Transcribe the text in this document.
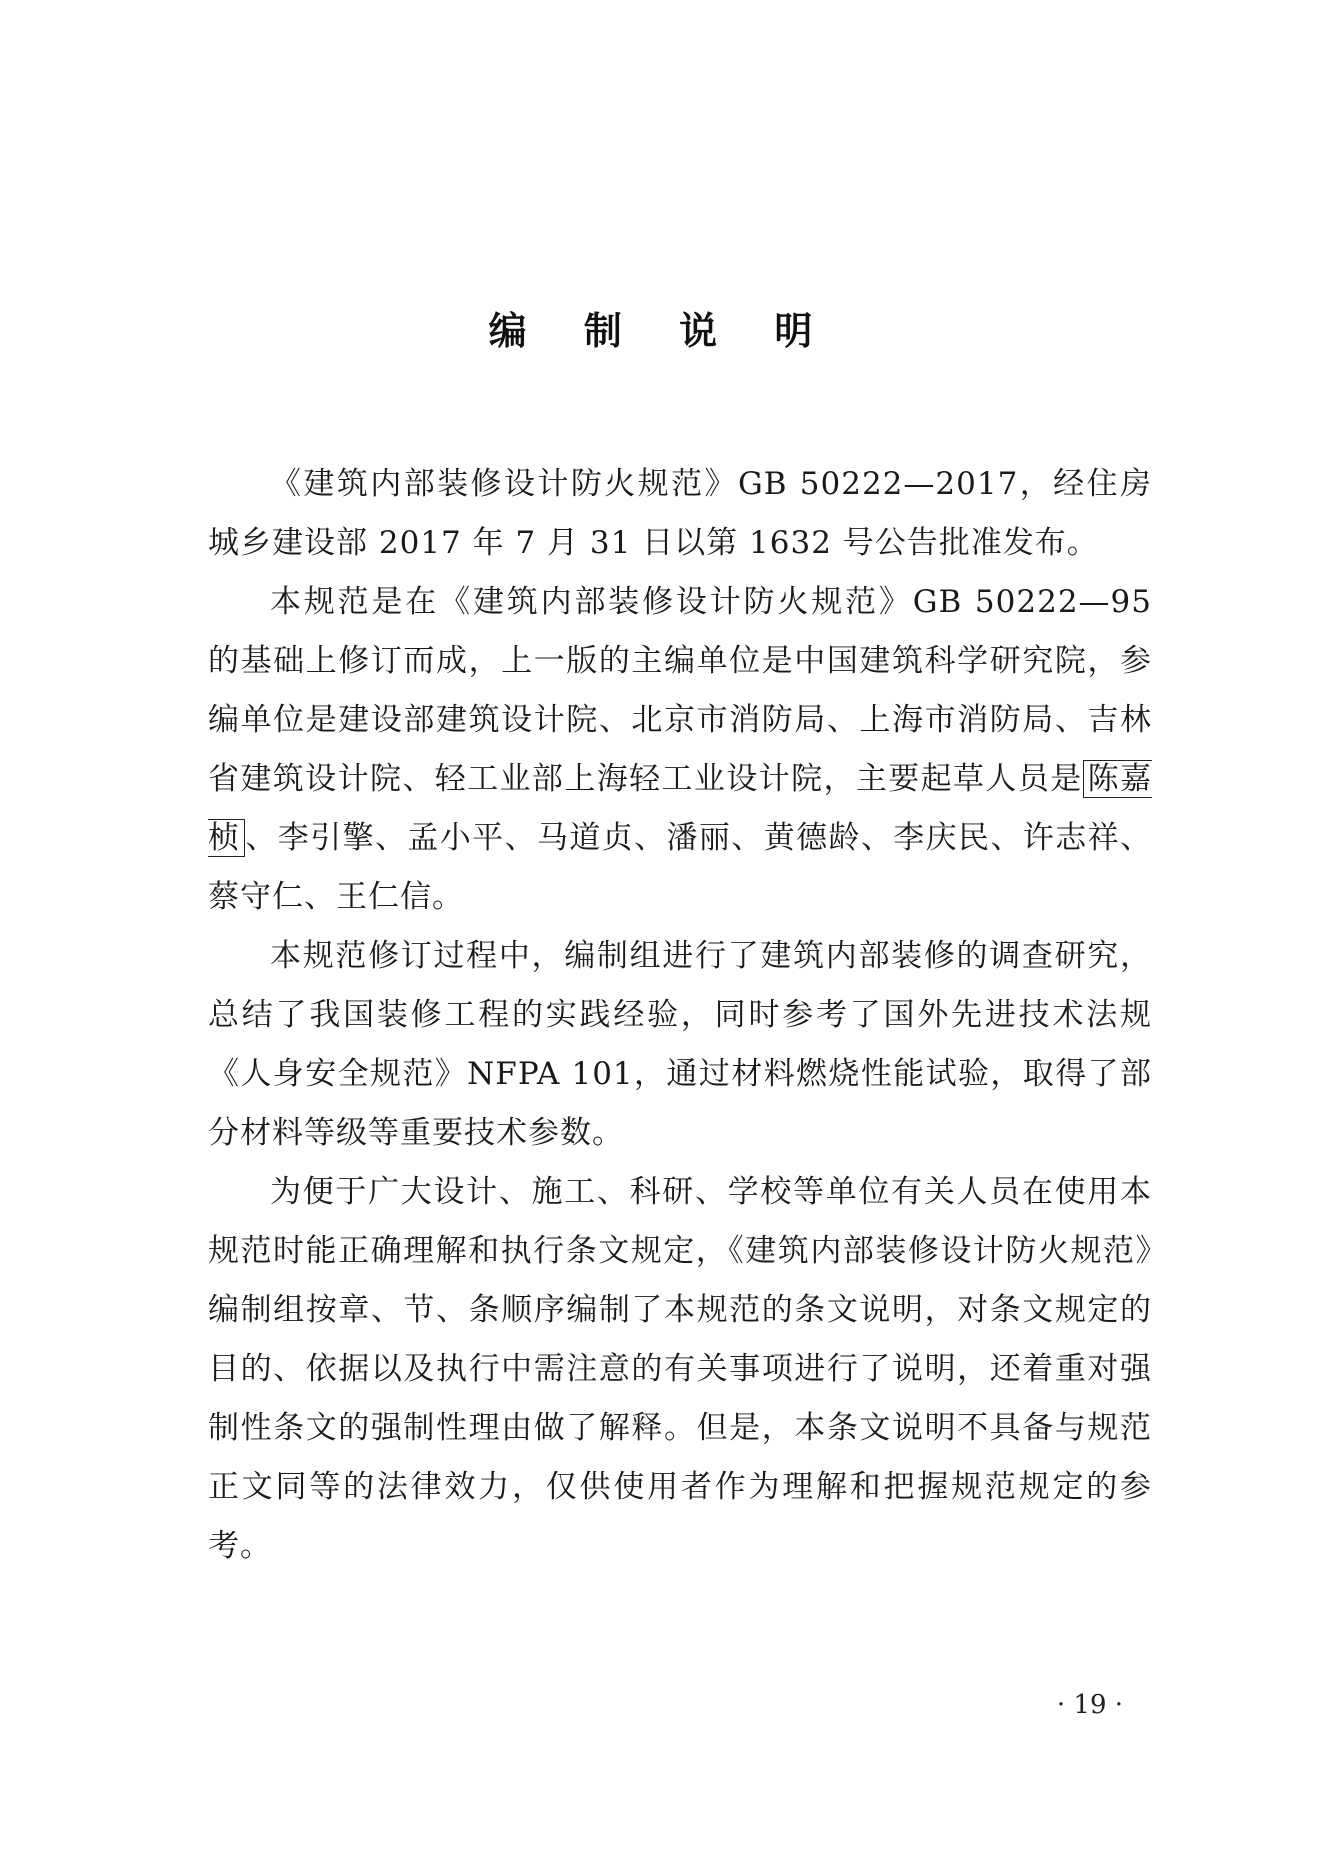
编 制 说 明

《建筑内部装修设计防火规范》GB 50222—2017，经住房城乡建设部 2017 年 7 月 31 日以第 1632 号公告批准发布。

本规范是在《建筑内部装修设计防火规范》GB 50222—95 的基础上修订而成，上一版的主编单位是中国建筑科学研究院，参编单位是建设部建筑设计院、北京市消防局、上海市消防局、吉林省建筑设计院、轻工业部上海轻工业设计院，主要起草人员是 陈嘉桢 、李引擎、孟小平、马道贞、潘丽、黄德龄、李庆民、许志祥、蔡守仁、王仁信。

本规范修订过程中，编制组进行了建筑内部装修的调查研究，总结了我国装修工程的实践经验，同时参考了国外先进技术法规《人身安全规范》NFPA 101，通过材料燃烧性能试验，取得了部分材料等级等重要技术参数。

为便于广大设计、施工、科研、学校等单位有关人员在使用本规范时能正确理解和执行条文规定，《建筑内部装修设计防火规范》编制组按章、节、条顺序编制了本规范的条文说明，对条文规定的目的、依据以及执行中需注意的有关事项进行了说明，还着重对强制性条文的强制性理由做了解释。但是，本条文说明不具备与规范正文同等的法律效力，仅供使用者作为理解和把握规范规定的参考。

· 19 ·
